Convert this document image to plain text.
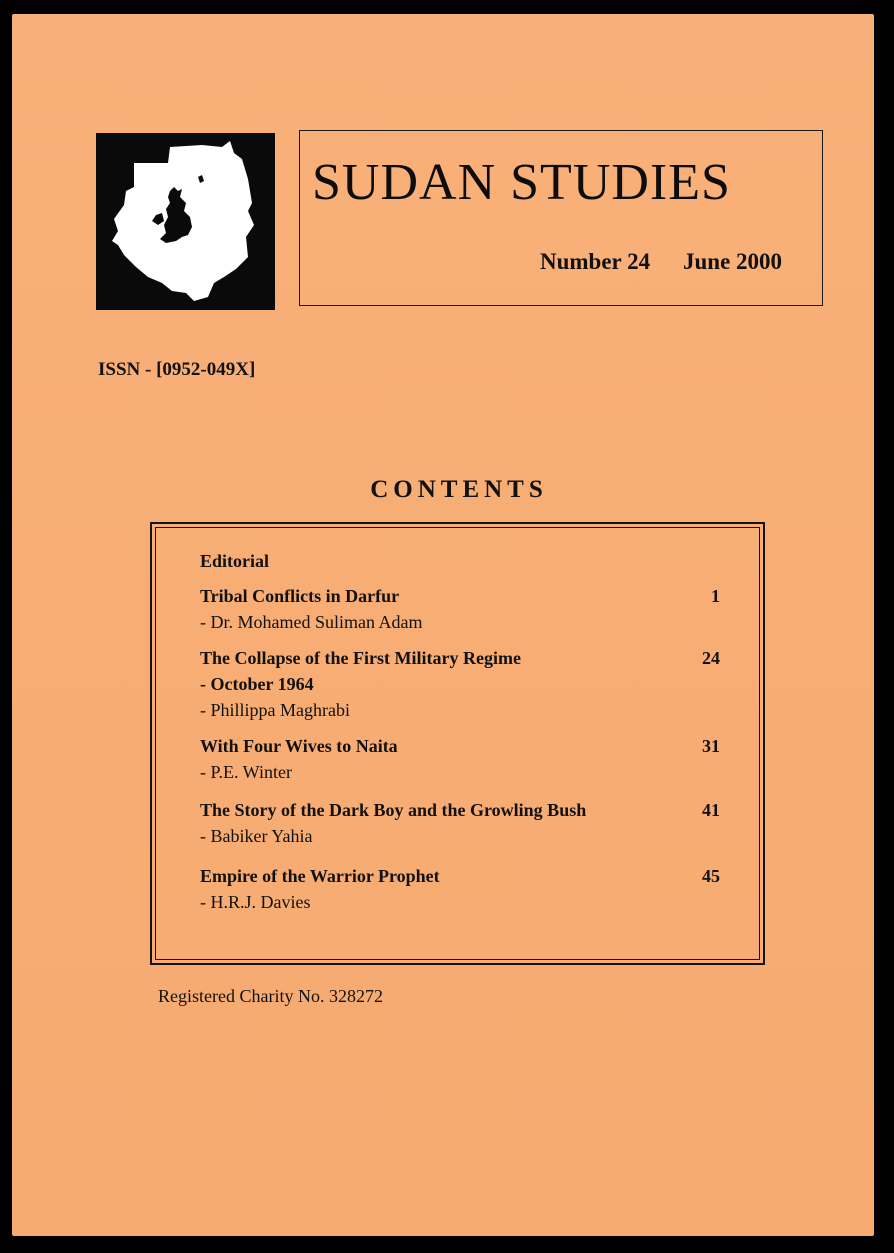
SUDAN STUDIES
Number 24 June 2000
ISSN - [0952-049X]
CONTENTS
Editorial
Tribal Conflicts in Darfur
- Dr. Mohamed Suliman Adam
1
The Collapse of the First Military Regime
- October 1964
- Phillippa Maghrabi
24
With Four Wives to Naita
- P.E. Winter
31
The Story of the Dark Boy and the Growling Bush
- Babiker Yahia
41
Empire of the Warrior Prophet
- H.R.J. Davies
45
Registered Charity No. 328272
